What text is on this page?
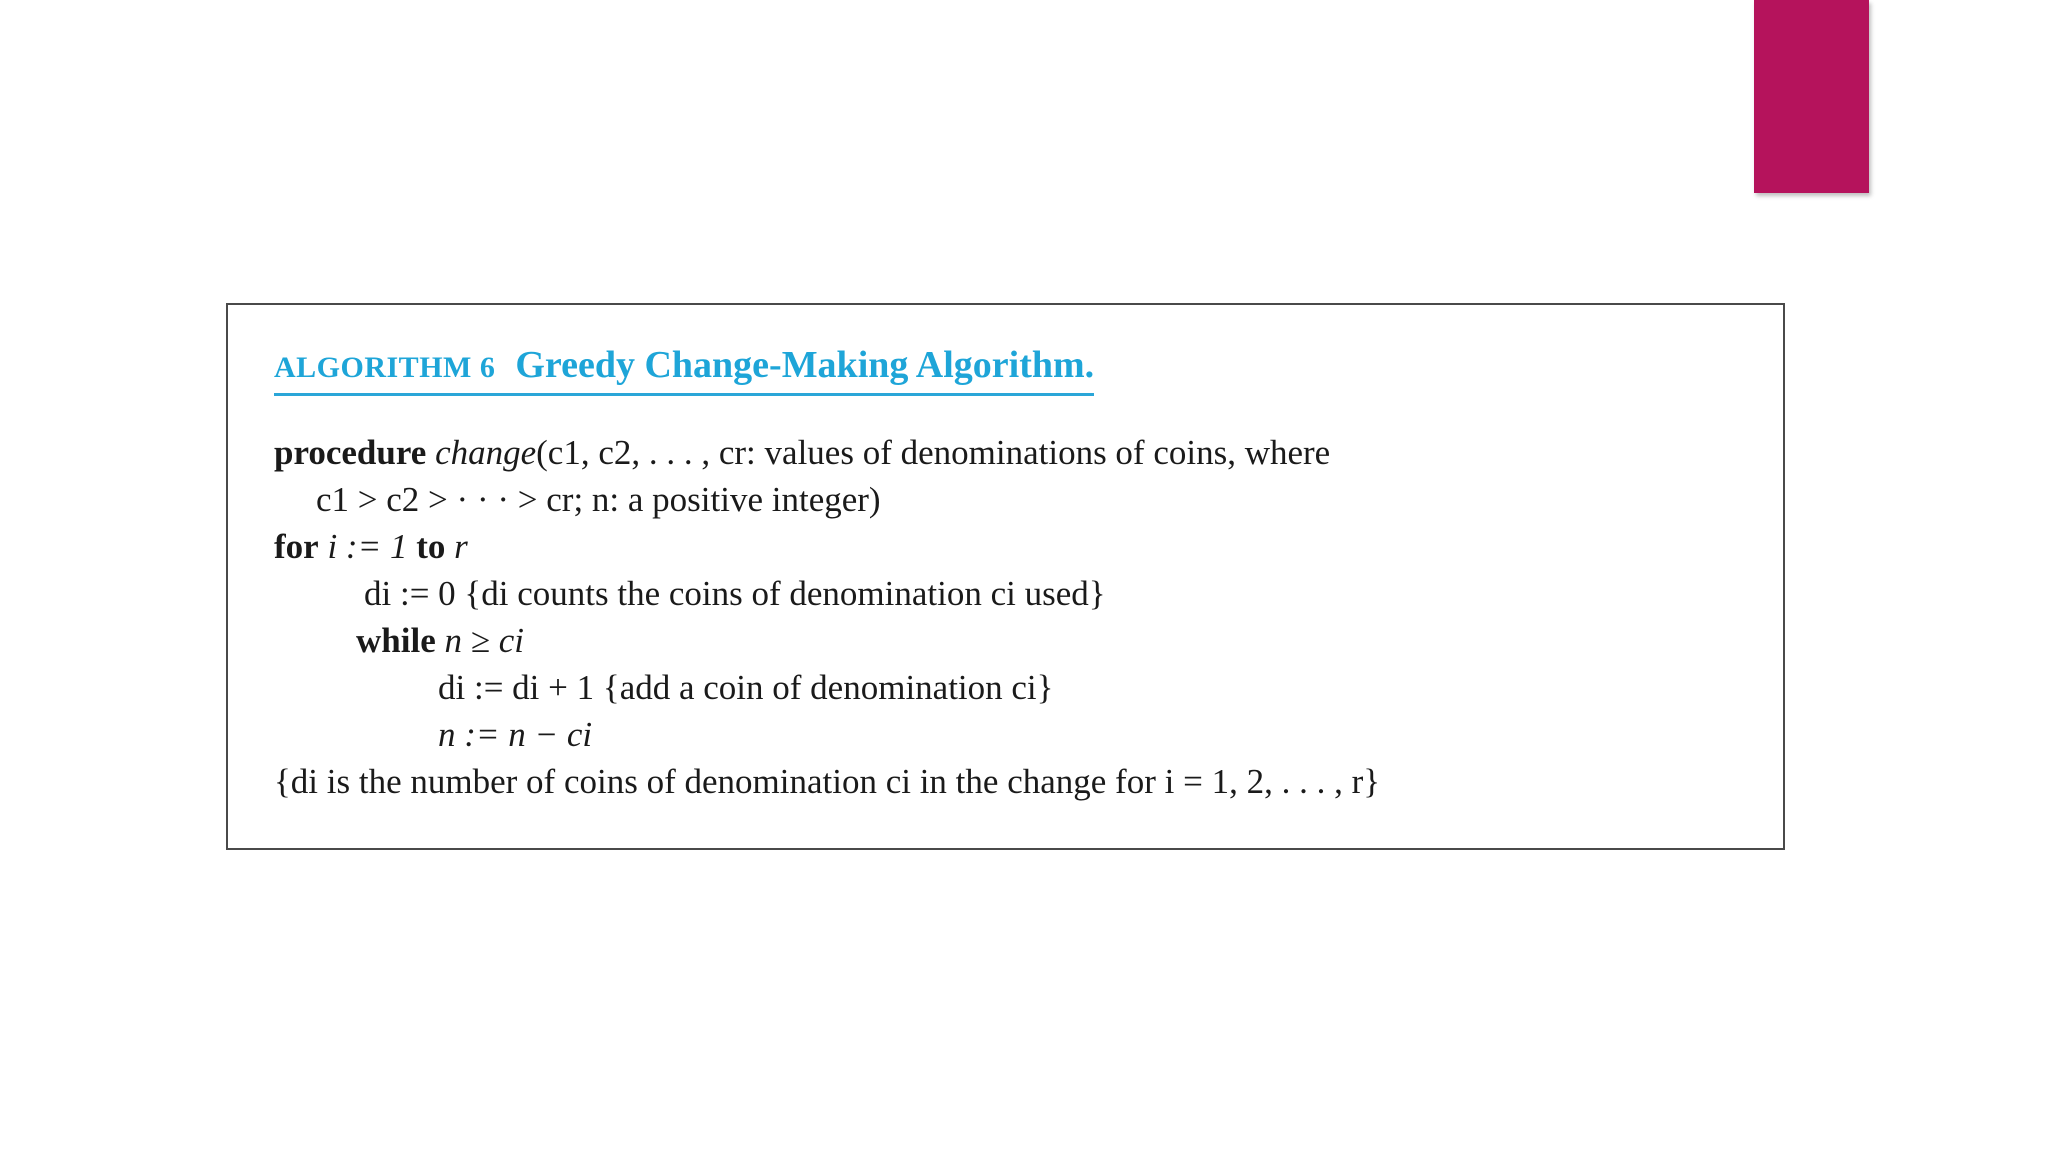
ALGORITHM 6 Greedy Change-Making Algorithm.
procedure change(c1, c2, . . . , cr: values of denominations of coins, where
c1 > c2 > · · · > cr; n: a positive integer)
for i := 1 to r
di := 0 {di counts the coins of denomination ci used}
while n ≥ ci
di := di + 1 {add a coin of denomination ci}
n := n − ci
{di is the number of coins of denomination ci in the change for i = 1, 2, . . . , r}
